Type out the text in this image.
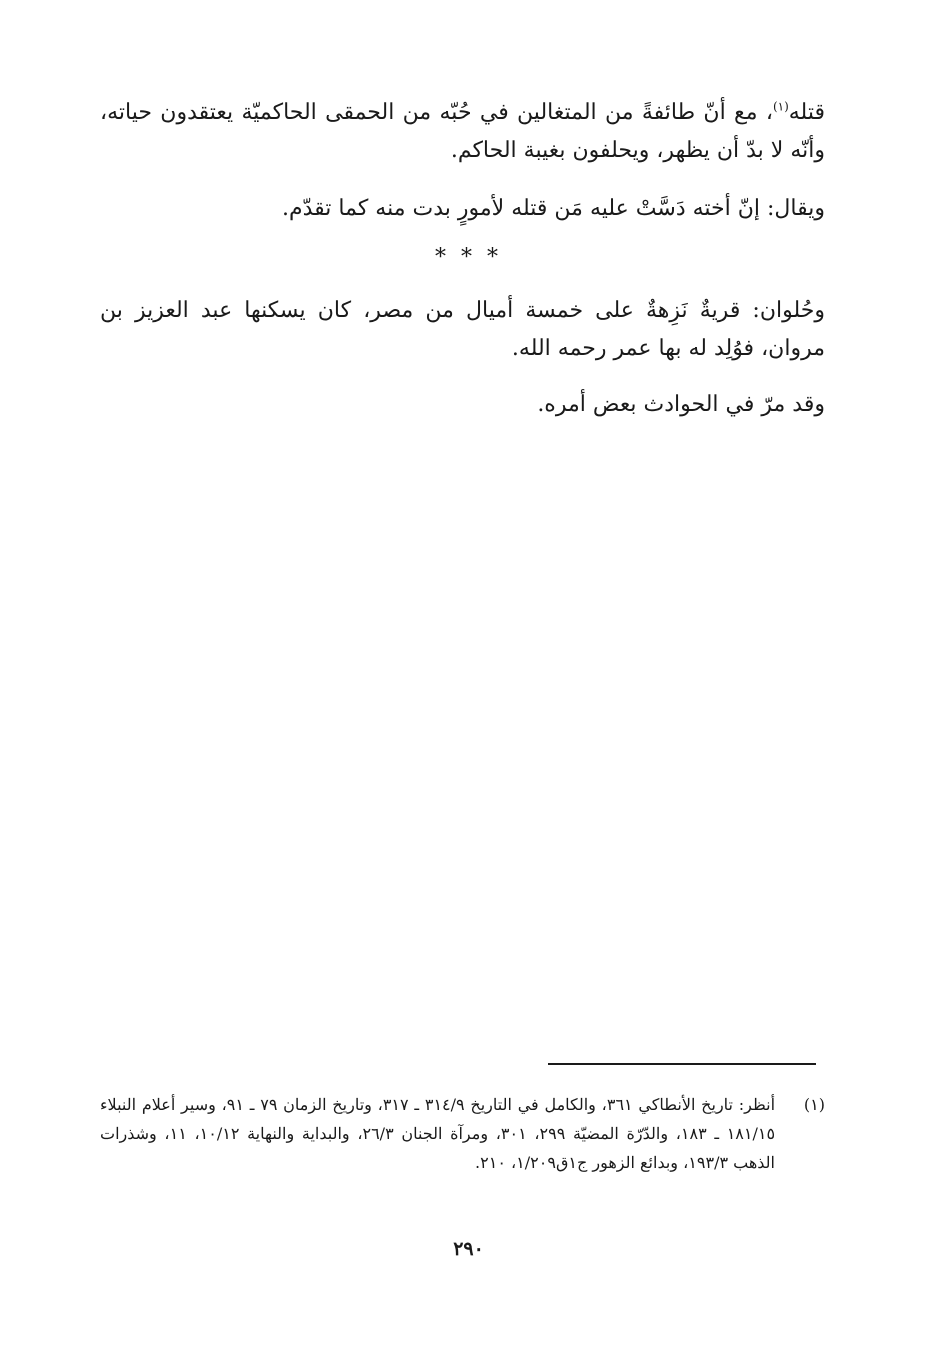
قتله$^{(١)}$، مع أنّ طائفةً من المتغالين في حُبّه من الحمقى الحاكميّة يعتقدون حياته، وأنّه لا بدّ أن يظهر، ويحلفون بغيبة الحاكم.

ويقال: إنّ أخته دَسَّتْ عليه مَن قتله لأمورٍ بدت منه كما تقدّم.

* * *

وحُلوان: قريةٌ نَزِهةٌ على خمسة أميال من مصر، كان يسكنها عبد العزيز بن مروان، فوُلِد له بها عمر رحمه الله.

وقد مرّ في الحوادث بعض أمره.

(١)
أنظر: تاريخ الأنطاكي ٣٦١، والكامل في التاريخ ٣١٤/٩ ـ ٣١٧، وتاريخ الزمان ٧٩ ـ ٩١، وسير أعلام النبلاء ١٨١/١٥ ـ ١٨٣، والدّرّة المضيّة ٢٩٩، ٣٠١، ومرآة الجنان ٢٦/٣، والبداية والنهاية ١٠/١٢، ١١، وشذرات الذهب ١٩٣/٣، وبدائع الزهور ج١ق١/٢٠٩، ٢١٠.
٢٩٠
